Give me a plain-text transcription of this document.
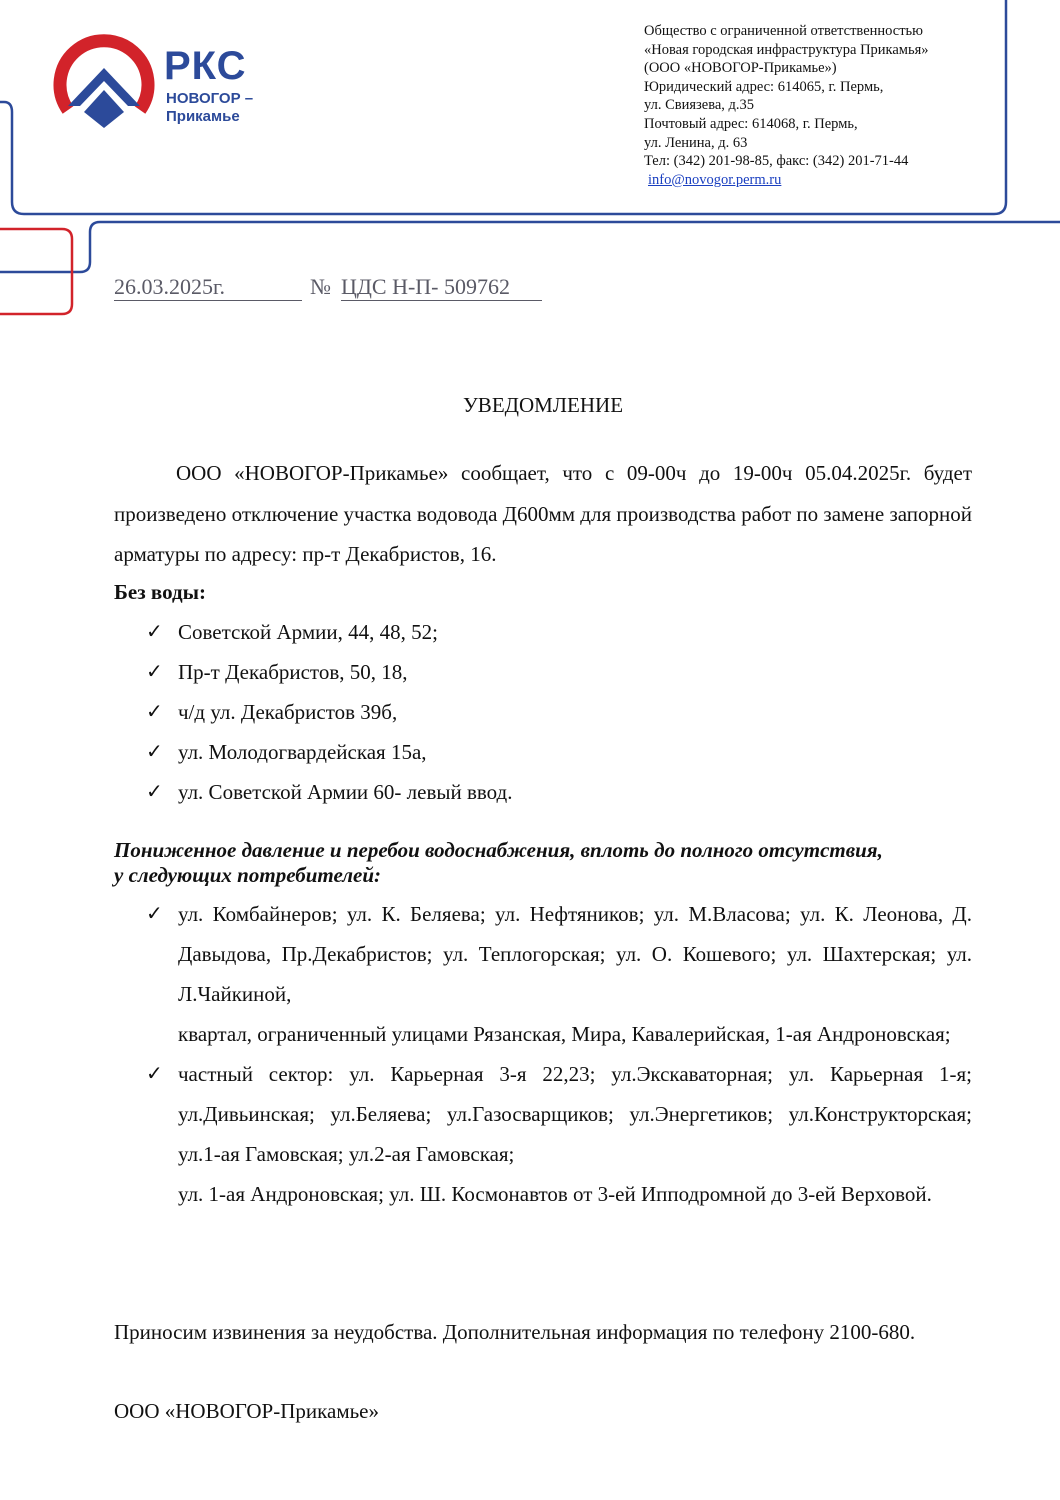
РКС
НОВОГОР –
Прикамье
Общество с ограниченной ответственностью
«Новая городская инфраструктура Прикамья»
(ООО «НОВОГОР-Прикамье»)
Юридический адрес: 614065, г. Пермь,
ул. Свиязева, д.35
Почтовый адрес: 614068, г. Пермь,
ул. Ленина, д. 63
Тел: (342) 201-98-85, факс: (342) 201-71-44
info@novogor.perm.ru
26.03.2025г.	№ ЦДС Н-П- 509762
УВЕДОМЛЕНИЕ
ООО «НОВОГОР-Прикамье» сообщает, что с 09-00ч до 19-00ч 05.04.2025г. будет произведено отключение участка водовода Д600мм для производства работ по замене запорной арматуры по адресу: пр-т Декабристов, 16.
Без воды:
✓ Советской Армии, 44, 48, 52;
✓ Пр-т Декабристов, 50, 18,
✓ ч/д ул. Декабристов 39б,
✓ ул. Молодогвардейская 15а,
✓ ул. Советской Армии 60- левый ввод.
Пониженное давление и перебои водоснабжения, вплоть до полного отсутствия,
у следующих потребителей:
✓ ул. Комбайнеров; ул. К. Беляева; ул. Нефтяников; ул. М.Власова; ул. К. Леонова, Д. Давыдова, Пр.Декабристов; ул. Теплогорская; ул. О. Кошевого; ул. Шахтерская; ул. Л.Чайкиной,
квартал, ограниченный улицами Рязанская, Мира, Кавалерийская, 1-ая Андроновская;
✓ частный сектор: ул. Карьерная 3-я 22,23; ул.Экскаваторная; ул. Карьерная 1-я; ул.Дивьинская; ул.Беляева; ул.Газосварщиков; ул.Энергетиков; ул.Конструкторская; ул.1-ая Гамовская; ул.2-ая Гамовская;
ул. 1-ая Андроновская; ул. Ш. Космонавтов от 3-ей Ипподромной до 3-ей Верховой.
Приносим извинения за неудобства. Дополнительная информация по телефону 2100-680.
ООО «НОВОГОР-Прикамье»
